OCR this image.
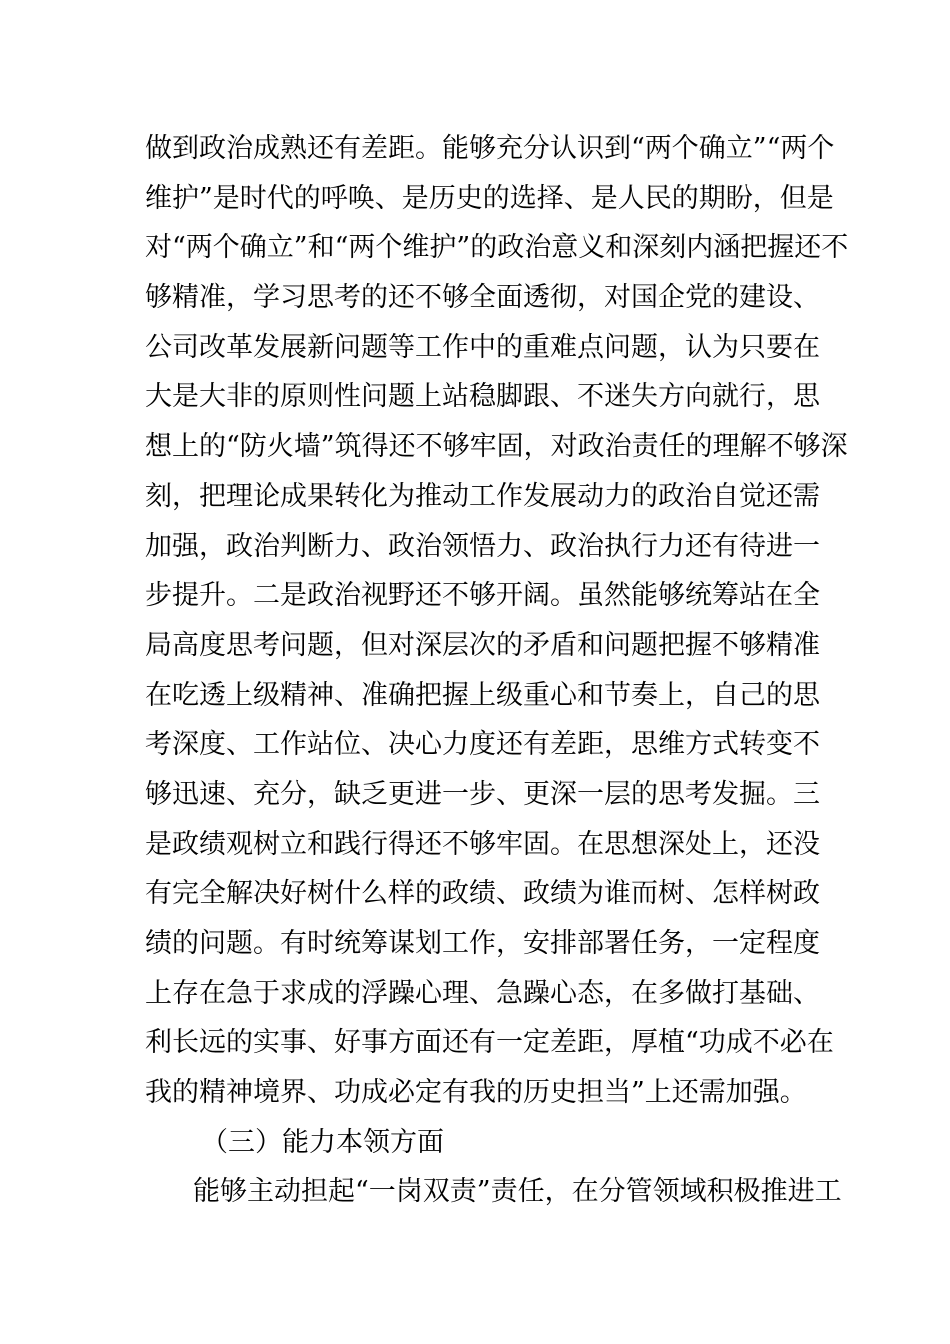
做到政治成熟还有差距。能够充分认识到“两个确立”“两个
维护”是时代的呼唤、是历史的选择、是人民的期盼，但是
对“两个确立”和“两个维护”的政治意义和深刻内涵把握还不
够精准，学习思考的还不够全面透彻，对国企党的建设、
公司改革发展新问题等工作中的重难点问题，认为只要在
大是大非的原则性问题上站稳脚跟、不迷失方向就行，思
想上的“防火墙”筑得还不够牢固，对政治责任的理解不够深
刻，把理论成果转化为推动工作发展动力的政治自觉还需
加强，政治判断力、政治领悟力、政治执行力还有待进一
步提升。二是政治视野还不够开阔。虽然能够统筹站在全
局高度思考问题，但对深层次的矛盾和问题把握不够精准
在吃透上级精神、准确把握上级重心和节奏上，自己的思
考深度、工作站位、决心力度还有差距，思维方式转变不
够迅速、充分，缺乏更进一步、更深一层的思考发掘。三
是政绩观树立和践行得还不够牢固。在思想深处上，还没
有完全解决好树什么样的政绩、政绩为谁而树、怎样树政
绩的问题。有时统筹谋划工作，安排部署任务，一定程度
上存在急于求成的浮躁心理、急躁心态，在多做打基础、
利长远的实事、好事方面还有一定差距，厚植“功成不必在
我的精神境界、功成必定有我的历史担当”上还需加强。
（三）能力本领方面
能够主动担起“一岗双责”责任，在分管领域积极推进工
